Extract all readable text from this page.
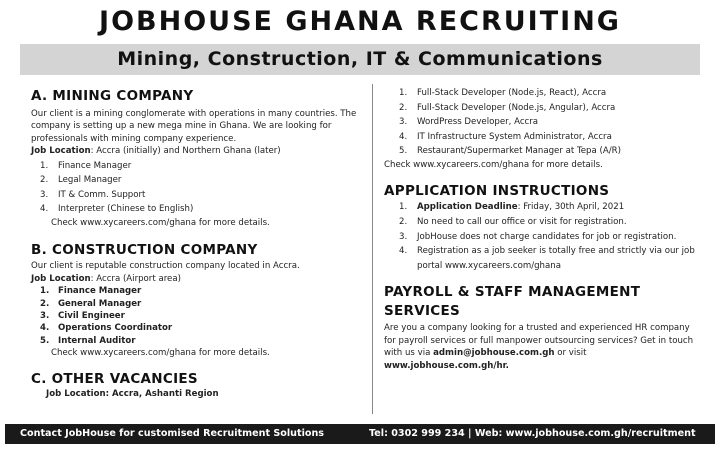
JOBHOUSE GHANA RECRUITING
Mining, Construction, IT & Communications
A. MINING COMPANY

Our client is a mining conglomerate with operations in many countries. The company is setting up a new mega mine in Ghana. We are looking for professionals with mining company experience.

Job Location: Accra (initially) and Northern Ghana (later)

1.	Finance Manager
2.	Legal Manager
3.	IT & Comm. Support
4.	Interpreter (Chinese to English)

Check www.xycareers.com/ghana for more details.

B. CONSTRUCTION COMPANY

Our client is reputable construction company located in Accra.

Job Location: Accra (Airport area)

1.	Finance Manager
2.	General Manager
3.	Civil Engineer
4.	Operations Coordinator
5.	Internal Auditor

Check www.xycareers.com/ghana for more details.

C. OTHER VACANCIES

Job Location: Accra, Ashanti Region

1.	Full-Stack Developer (Node.js, React), Accra
2.	Full-Stack Developer (Node.js, Angular), Accra
3.	WordPress Developer, Accra
4.	IT Infrastructure System Administrator, Accra
5.	Restaurant/Supermarket Manager at Tepa (A/R)

Check www.xycareers.com/ghana for more details.

APPLICATION INSTRUCTIONS
1.	Application Deadline: Friday, 30th April, 2021
2.	No need to call our office or visit for registration.
3.	JobHouse does not charge candidates for job or registration.
4.	Registration as a job seeker is totally free and strictly via our job portal www.xycareers.com/ghana
PAYROLL & STAFF MANAGEMENT
SERVICES

Are you a company looking for a trusted and experienced HR company for payroll services or full manpower outsourcing services? Get in touch with us via admin@jobhouse.com.gh or visit www.jobhouse.com.gh/hr.

Contact JobHouse for customised Recruitment Solutions	Tel: 0302 999 234 | Web: www.jobhouse.com.gh/recruitment
